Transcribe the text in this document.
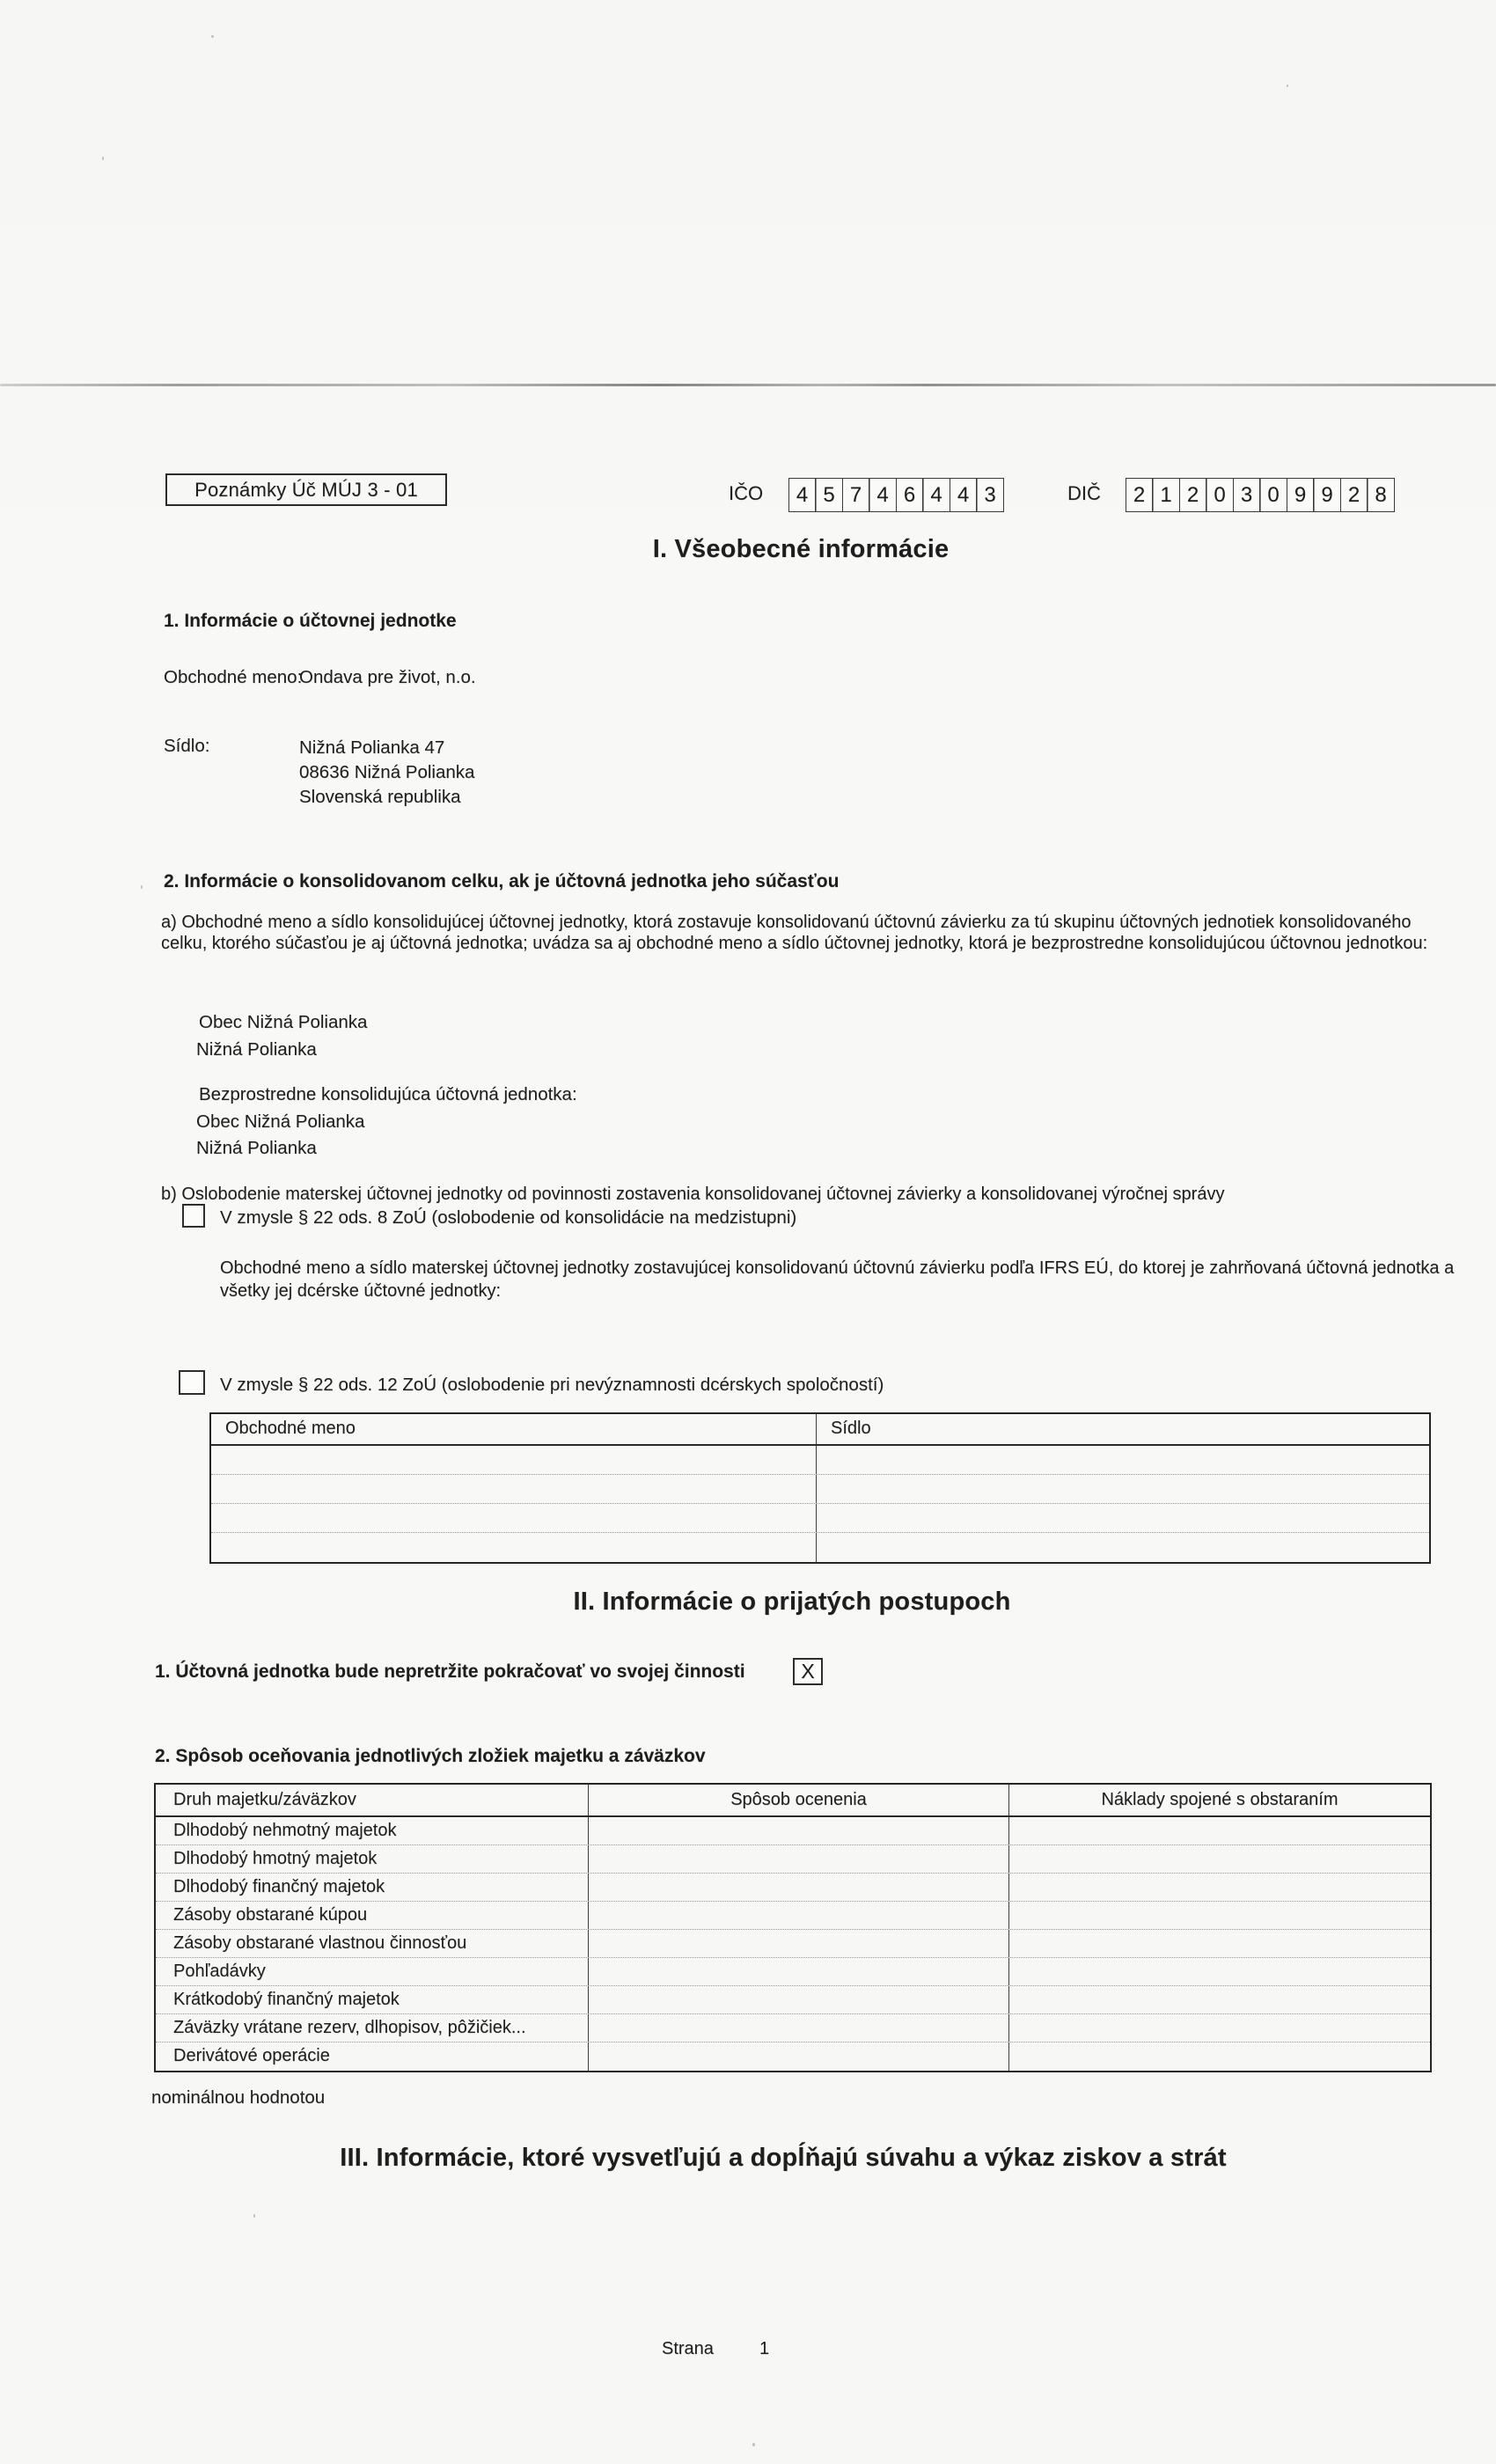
Poznámky Úč MÚJ 3 - 01	IČO	4 5 7 4 6 4 4 3	DIČ	2 1 2 0 3 0 9 9 2 8
I. Všeobecné informácie
1. Informácie o účtovnej jednotke
Obchodné meno:
Ondava pre život, n.o.
Sídlo:	Nižná Polianka 47
08636 Nižná Polianka
Slovenská republika
2. Informácie o konsolidovanom celku, ak je účtovná jednotka jeho súčasťou
a) Obchodné meno a sídlo konsolidujúcej účtovnej jednotky, ktorá zostavuje konsolidovanú účtovnú závierku za tú skupinu účtovných jednotiek konsolidovaného celku, ktorého súčasťou je aj účtovná jednotka; uvádza sa aj obchodné meno a sídlo účtovnej jednotky, ktorá je bezprostredne konsolidujúcou účtovnou jednotkou:
Obec Nižná Polianka
Nižná Polianka
Bezprostredne konsolidujúca účtovná jednotka:
Obec Nižná Polianka
Nižná Polianka
b) Oslobodenie materskej účtovnej jednotky od povinnosti zostavenia konsolidovanej účtovnej závierky a konsolidovanej výročnej správy
V zmysle § 22 ods. 8 ZoÚ (oslobodenie od konsolidácie na medzistupni)
Obchodné meno a sídlo materskej účtovnej jednotky zostavujúcej konsolidovanú účtovnú závierku podľa IFRS EÚ, do ktorej je zahrňovaná účtovná jednotka a všetky jej dcérske účtovné jednotky:
V zmysle § 22 ods. 12 ZoÚ (oslobodenie pri nevýznamnosti dcérskych spoločností)
Obchodné meno	Sídlo
II. Informácie o prijatých postupoch
1. Účtovná jednotka bude nepretržite pokračovať vo svojej činnosti	X
2. Spôsob oceňovania jednotlivých zložiek majetku a záväzkov
Druh majetku/záväzkov	Spôsob ocenenia	Náklady spojené s obstaraním
Dlhodobý nehmotný majetok
Dlhodobý hmotný majetok
Dlhodobý finančný majetok
Zásoby obstarané kúpou
Zásoby obstarané vlastnou činnosťou
Pohľadávky
Krátkodobý finančný majetok
Záväzky vrátane rezerv, dlhopisov, pôžičiek...
Derivátové operácie
nominálnou hodnotou
III. Informácie, ktoré vysvetľujú a dopĺňajú súvahu a výkaz ziskov a strát
Strana	1
